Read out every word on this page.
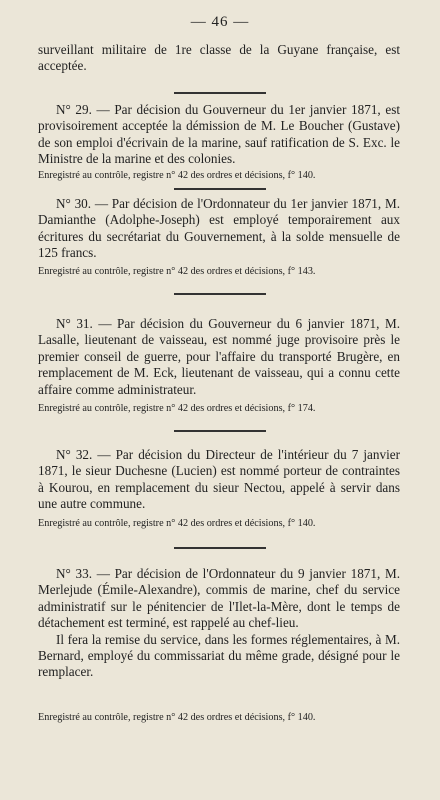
— 46 —

surveillant militaire de 1re classe de la Guyane française, est acceptée.

N° 29. — Par décision du Gouverneur du 1er janvier 1871, est provisoirement acceptée la démission de M. Le Boucher (Gustave) de son emploi d'écrivain de la marine, sauf ratification de S. Exc. le Ministre de la marine et des colonies.

Enregistré au contrôle, registre n° 42 des ordres et décisions, f° 140.

N° 30. — Par décision de l'Ordonnateur du 1er janvier 1871, M. Damianthe (Adolphe-Joseph) est employé temporairement aux écritures du secrétariat du Gouvernement, à la solde mensuelle de 125 francs.

Enregistré au contrôle, registre n° 42 des ordres et décisions, f° 143.

N° 31. — Par décision du Gouverneur du 6 janvier 1871, M. Lasalle, lieutenant de vaisseau, est nommé juge provisoire près le premier conseil de guerre, pour l'affaire du transporté Brugère, en remplacement de M. Eck, lieutenant de vaisseau, qui a connu cette affaire comme administrateur.

Enregistré au contrôle, registre n° 42 des ordres et décisions, f° 174.

N° 32. — Par décision du Directeur de l'intérieur du 7 janvier 1871, le sieur Duchesne (Lucien) est nommé porteur de contraintes à Kourou, en remplacement du sieur Nectou, appelé à servir dans une autre commune.

Enregistré au contrôle, registre n° 42 des ordres et décisions, f° 140.

N° 33. — Par décision de l'Ordonnateur du 9 janvier 1871, M. Merlejude (Émile-Alexandre), commis de marine, chef du service administratif sur le pénitencier de l'Ilet-la-Mère, dont le temps de détachement est terminé, est rappelé au chef-lieu.

Il fera la remise du service, dans les formes réglementaires, à M. Bernard, employé du commissariat du même grade, désigné pour le remplacer.

Enregistré au contrôle, registre n° 42 des ordres et décisions, f° 140.
